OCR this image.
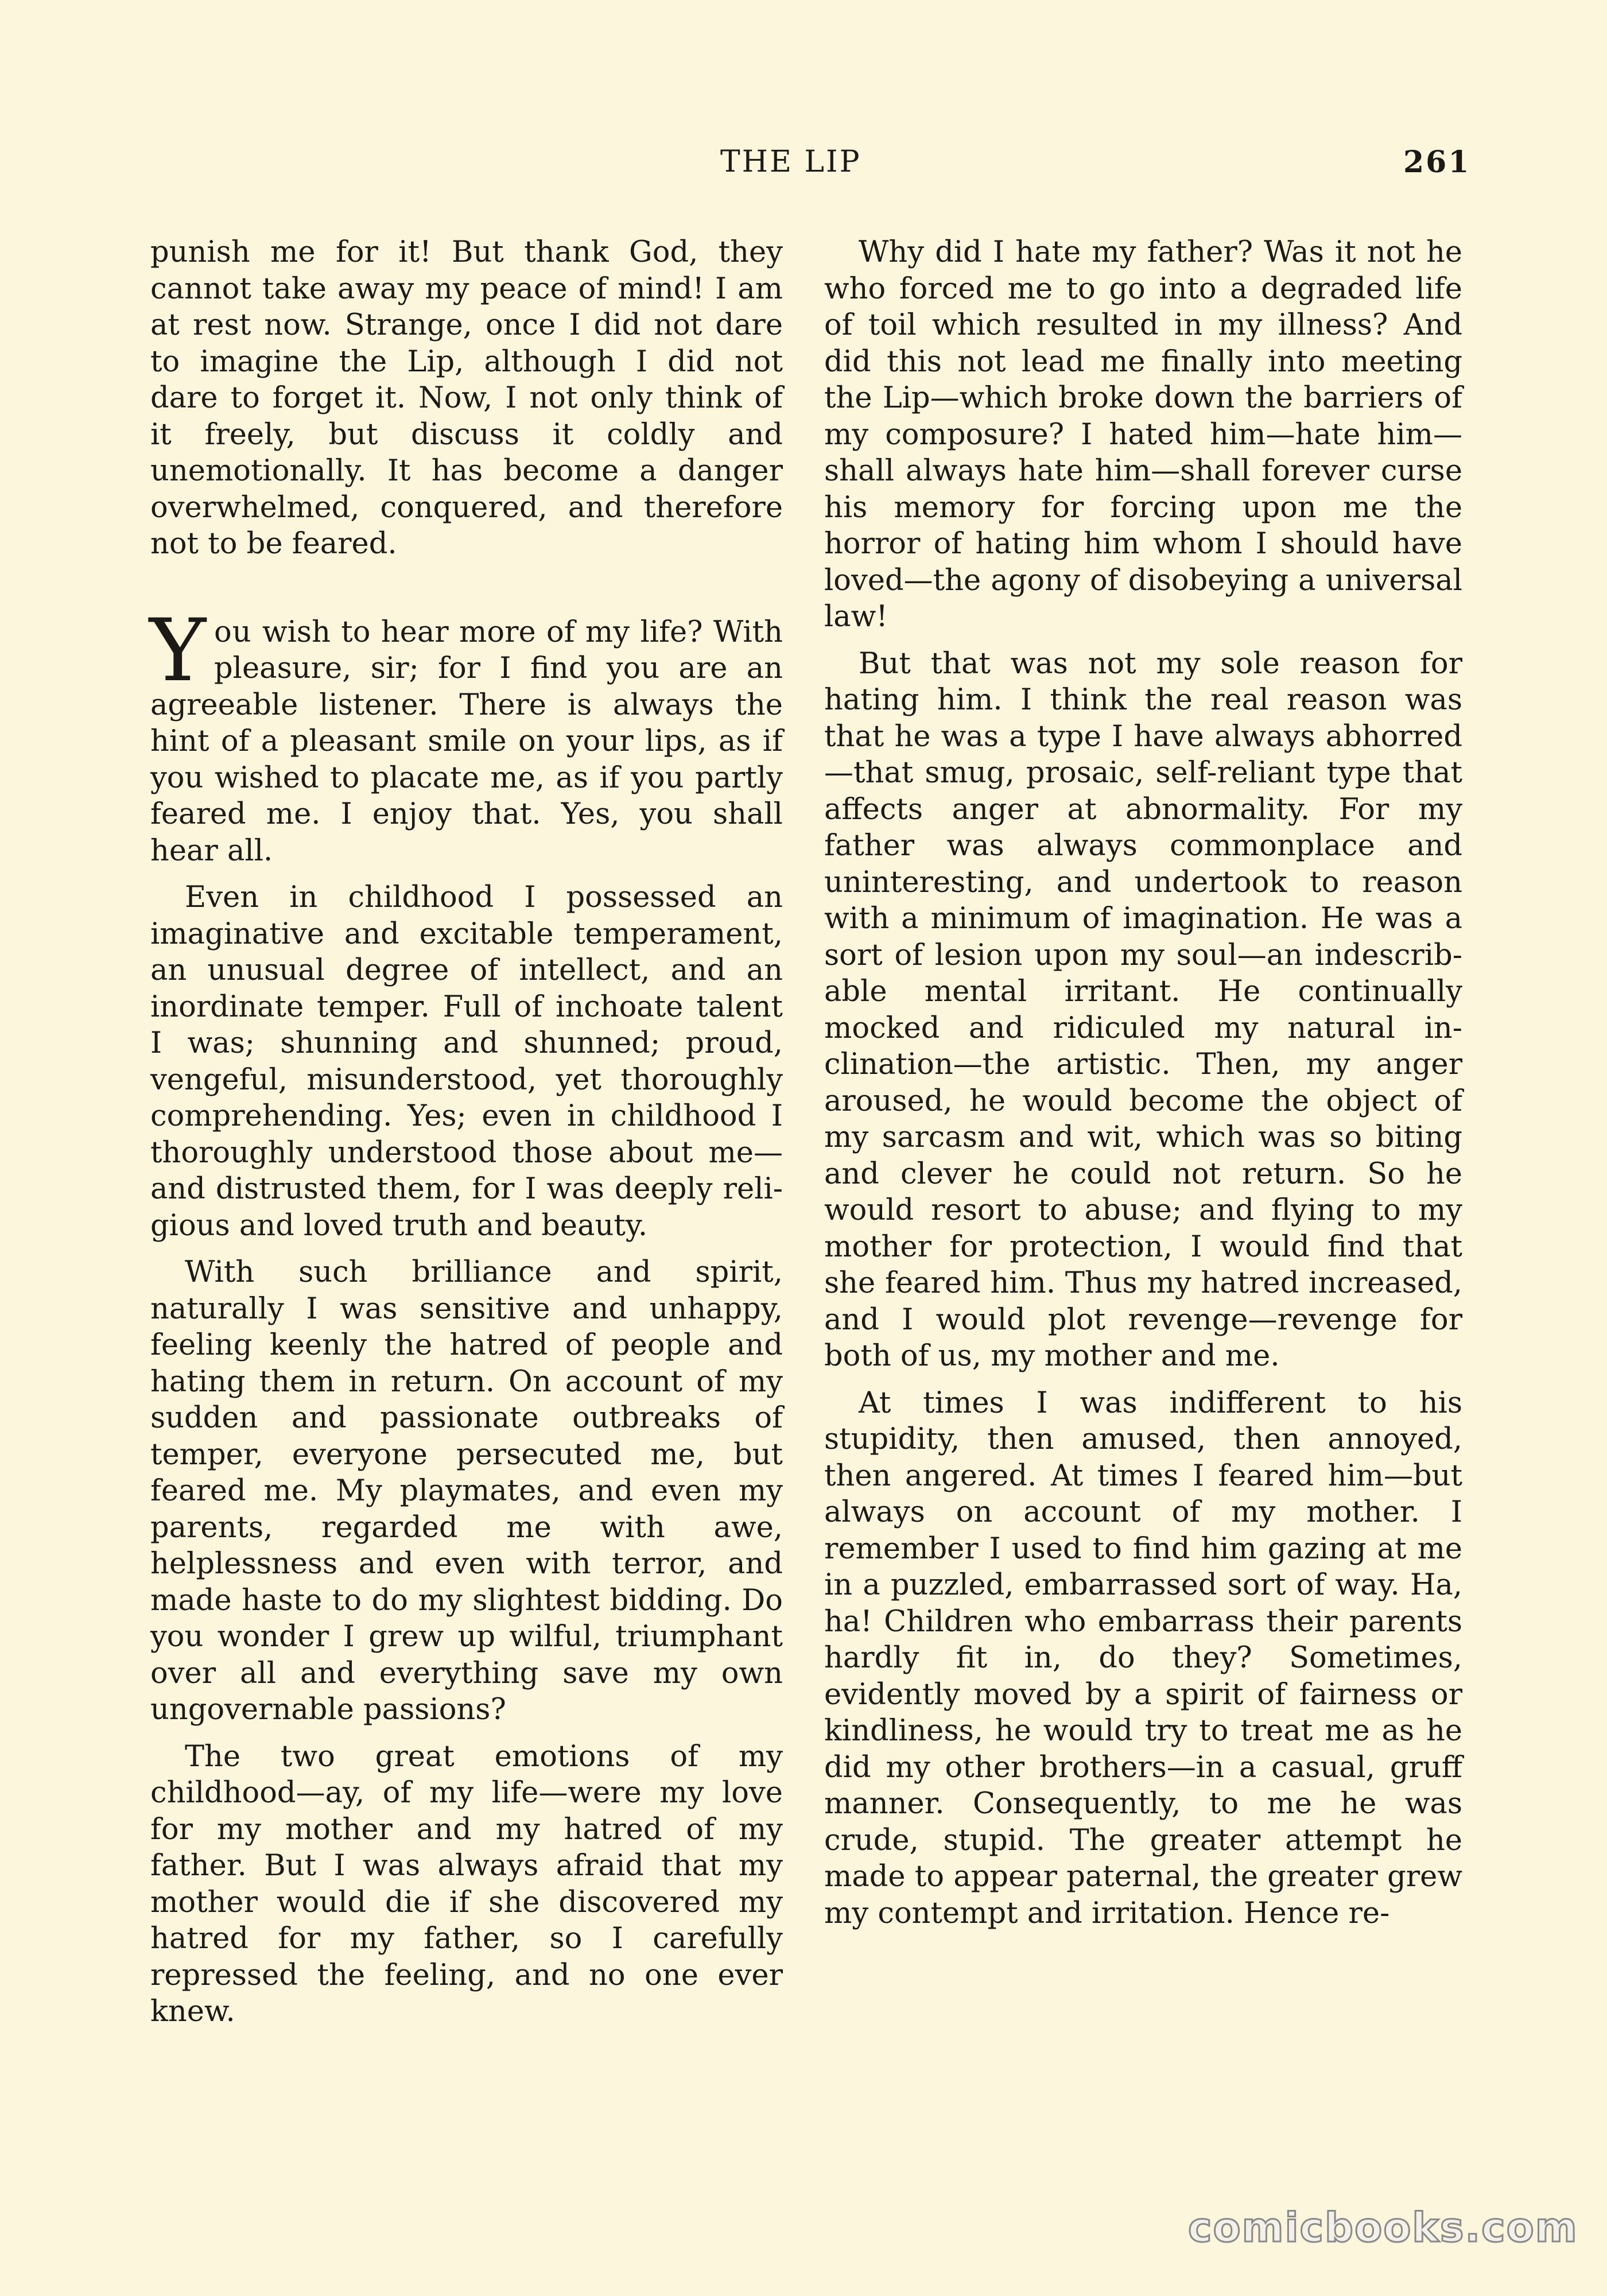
THE LIP	261

punish me for it! But thank God, they cannot take away my peace of mind! I am at rest now. Strange, once I did not dare to imagine the Lip, although I did not dare to forget it. Now, I not only think of it freely, but discuss it coldly and unemotionally. It has become a danger overwhelmed, conquered, and therefore not to be feared.

You wish to hear more of my life? With pleasure, sir; for I find you are an agreeable listener. There is always the hint of a pleasant smile on your lips, as if you wished to placate me, as if you partly feared me. I enjoy that. Yes, you shall hear all.

Even in childhood I possessed an imaginative and excitable temperament, an unusual degree of intellect, and an inordinate temper. Full of inchoate talent I was; shunning and shunned; proud, vengeful, misunderstood, yet thoroughly comprehending. Yes; even in childhood I thoroughly understood those about me—and distrusted them, for I was deeply religious and loved truth and beauty.

With such brilliance and spirit, naturally I was sensitive and unhappy, feeling keenly the hatred of people and hating them in return. On account of my sudden and passionate outbreaks of temper, everyone persecuted me, but feared me. My playmates, and even my parents, regarded me with awe, helplessness and even with terror, and made haste to do my slightest bidding. Do you wonder I grew up wilful, triumphant over all and everything save my own ungovernable passions?

The two great emotions of my childhood—ay, of my life—were my love for my mother and my hatred of my father. But I was always afraid that my mother would die if she discovered my hatred for my father, so I carefully repressed the feeling, and no one ever knew.

Why did I hate my father? Was it not he who forced me to go into a degraded life of toil which resulted in my illness? And did this not lead me finally into meeting the Lip—which broke down the barriers of my composure? I hated him—hate him—shall always hate him—shall forever curse his memory for forcing upon me the horror of hating him whom I should have loved—the agony of disobeying a universal law!

But that was not my sole reason for hating him. I think the real reason was that he was a type I have always abhorred—that smug, prosaic, self-reliant type that affects anger at abnormality. For my father was always commonplace and uninteresting, and undertook to reason with a minimum of imagination. He was a sort of lesion upon my soul—an indescribable mental irritant. He continually mocked and ridiculed my natural inclination—the artistic. Then, my anger aroused, he would become the object of my sarcasm and wit, which was so biting and clever he could not return. So he would resort to abuse; and flying to my mother for protection, I would find that she feared him. Thus my hatred increased, and I would plot revenge—revenge for both of us, my mother and me.

At times I was indifferent to his stupidity, then amused, then annoyed, then angered. At times I feared him—but always on account of my mother. I remember I used to find him gazing at me in a puzzled, embarrassed sort of way. Ha, ha! Children who embarrass their parents hardly fit in, do they? Sometimes, evidently moved by a spirit of fairness or kindliness, he would try to treat me as he did my other brothers—in a casual, gruff manner. Consequently, to me he was crude, stupid. The greater attempt he made to appear paternal, the greater grew my contempt and irritation. Hence re-

comicbooks.com
